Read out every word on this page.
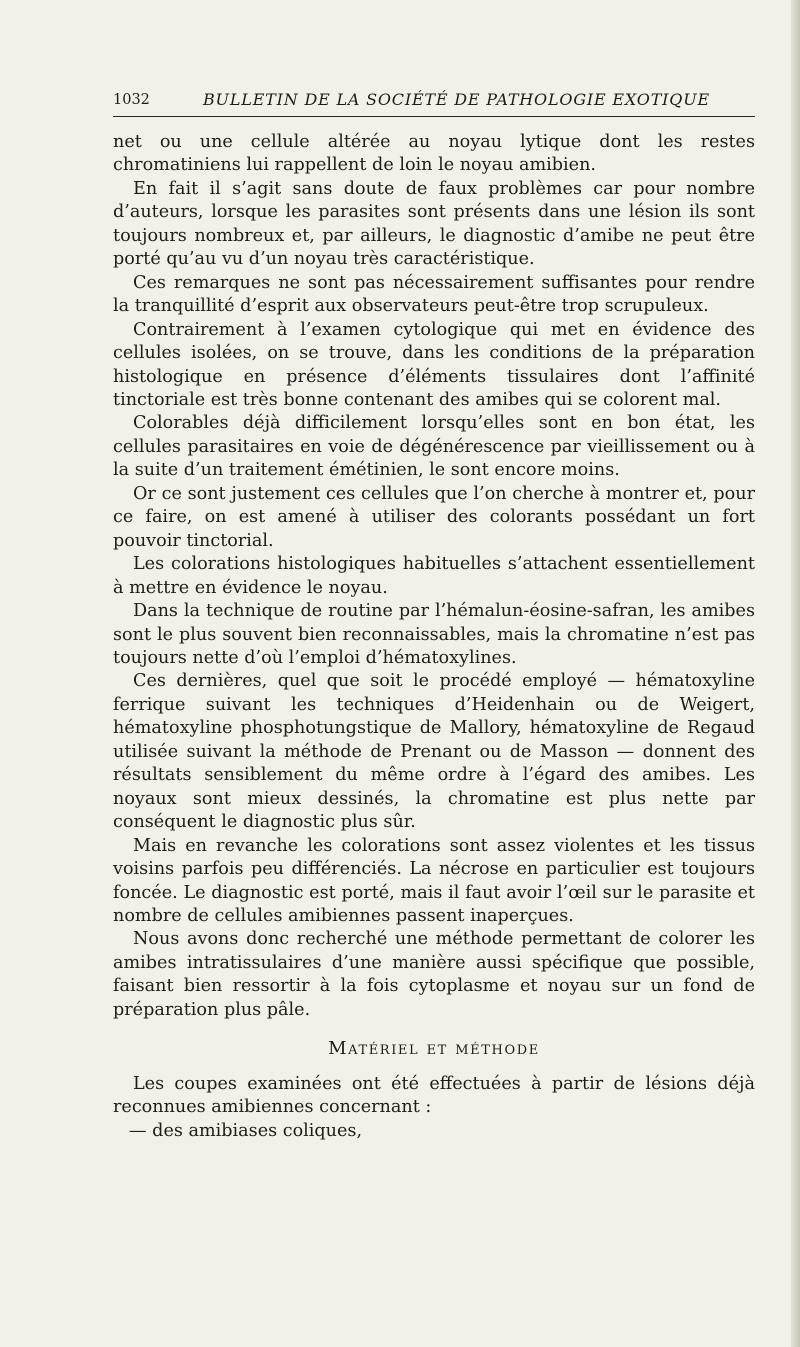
1032	BULLETIN DE LA SOCIÉTÉ DE PATHOLOGIE EXOTIQUE

net ou une cellule altérée au noyau lytique dont les restes chromatiniens lui rappellent de loin le noyau amibien.

En fait il s’agit sans doute de faux problèmes car pour nombre d’auteurs, lorsque les parasites sont présents dans une lésion ils sont toujours nombreux et, par ailleurs, le diagnostic d’amibe ne peut être porté qu’au vu d’un noyau très caractéristique.

Ces remarques ne sont pas nécessairement suffisantes pour rendre la tranquillité d’esprit aux observateurs peut-être trop scrupuleux.

Contrairement à l’examen cytologique qui met en évidence des cellules isolées, on se trouve, dans les conditions de la préparation histologique en présence d’éléments tissulaires dont l’affinité tinctoriale est très bonne contenant des amibes qui se colorent mal.

Colorables déjà difficilement lorsqu’elles sont en bon état, les cellules parasitaires en voie de dégénérescence par vieillissement ou à la suite d’un traitement émétinien, le sont encore moins.

Or ce sont justement ces cellules que l’on cherche à montrer et, pour ce faire, on est amené à utiliser des colorants possédant un fort pouvoir tinctorial.

Les colorations histologiques habituelles s’attachent essentiellement à mettre en évidence le noyau.

Dans la technique de routine par l’hémalun-éosine-safran, les amibes sont le plus souvent bien reconnaissables, mais la chromatine n’est pas toujours nette d’où l’emploi d’hématoxylines.

Ces dernières, quel que soit le procédé employé — hématoxyline ferrique suivant les techniques d’Heidenhain ou de Weigert, hématoxyline phosphotungstique de Mallory, hématoxyline de Regaud utilisée suivant la méthode de Prenant ou de Masson — donnent des résultats sensiblement du même ordre à l’égard des amibes. Les noyaux sont mieux dessinés, la chromatine est plus nette par conséquent le diagnostic plus sûr.

Mais en revanche les colorations sont assez violentes et les tissus voisins parfois peu différenciés. La nécrose en particulier est toujours foncée. Le diagnostic est porté, mais il faut avoir l’œil sur le parasite et nombre de cellules amibiennes passent inaperçues.

Nous avons donc recherché une méthode permettant de colorer les amibes intratissulaires d’une manière aussi spécifique que possible, faisant bien ressortir à la fois cytoplasme et noyau sur un fond de préparation plus pâle.

Matériel et méthode

Les coupes examinées ont été effectuées à partir de lésions déjà reconnues amibiennes concernant :

— des amibiases coliques,
